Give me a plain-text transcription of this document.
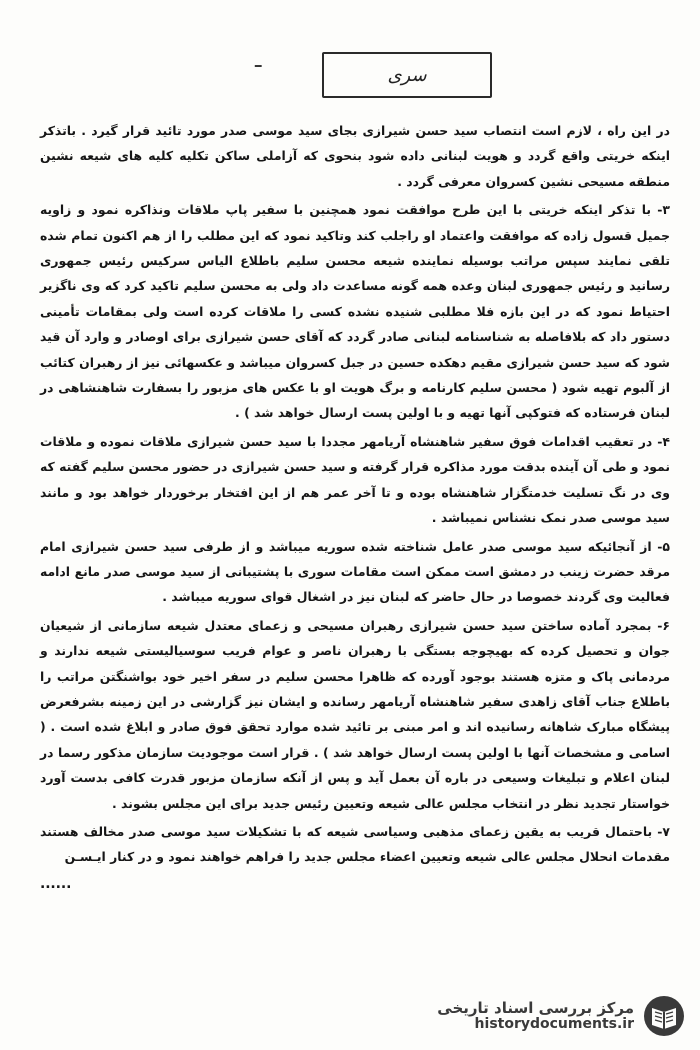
ـ
سری

در این راه ، لازم است انتصاب سید حسن شیرازی بجای سید موسی صدر مورد تائید قرار گیرد . باتذکر اینکه خریتی واقع گردد و هویت لبنانی داده شود بنحوی که آزاملی ساکن تکلیه کلیه های شیعه نشین منطقه مسیحی نشین کسروان معرفی گردد .

۳- با تذکر اینکه خریتی با این طرح موافقت نمود همچنین با سفیر پاپ ملاقات ونذاکره نمود و زاویه جمیل قسول زاده که موافقت واعتماد او راجلب کند وتاکید نمود که این مطلب را از هم اکنون تمام شده تلقی نمایند سپس مراتب بوسیله نماینده شیعه محسن سلیم باطلاع الیاس سرکیس رئیس جمهوری رسانید و رئیس جمهوری لبنان وعده همه گونه مساعدت داد ولی به محسن سلیم تاکید کرد که وی ناگزیر احتیاط نمود که در این بازه فلا مطلبی شنیده نشده کسی را ملاقات کرده است ولی بمقامات تأمینی دستور داد که بلافاصله به شناسنامه لبنانی صادر گردد که آقای حسن شیرازی برای اوصادر و وارد آن قید شود که سید حسن شیرازی مقیم دهکده حسین در جبل کسروان میباشد و عکسهائی نیز از رهبران کتائب از آلبوم تهیه شود ( محسن سلیم کارنامه و برگ هویت او با عکس های مزبور را بسفارت شاهنشاهی در لبنان فرستاده که فتوکپی آنها تهیه و با اولین پست ارسال خواهد شد ) .

۴- در تعقیب اقدامات فوق سفیر شاهنشاه آریامهر مجددا با سید حسن شیرازی ملاقات نموده و ملاقات نمود و طی آن آینده بدقت مورد مذاکره قرار گرفته و سید حسن شیرازی در حضور محسن سلیم گفته که وی در نگ تسلیت خدمتگزار شاهنشاه بوده و تا آخر عمر هم از این افتخار برخوردار خواهد بود و مانند سید موسی صدر نمک نشناس نمیباشد .

۵- از آنجائیکه سید موسی صدر عامل شناخته شده سوریه میباشد و از طرفی سید حسن شیرازی امام مرقد حضرت زینب در دمشق است ممکن است مقامات سوری با پشتیبانی از سید موسی صدر مانع ادامه فعالیت وی گردند خصوصا در حال حاضر که لبنان نیز در اشغال قوای سوریه میباشد .

۶- بمجرد آماده ساختن سید حسن شیرازی رهبران مسیحی و زعمای معتدل شیعه سازمانی از شیعیان جوان و تحصیل کرده که بهیچوجه بستگی با رهبران ناصر و عوام فریب سوسیالیستی شیعه ندارند و مردمانی پاک و متزه هستند بوجود آورده که ظاهرا محسن سلیم در سفر اخیر خود بواشنگتن مراتب را باطلاع جناب آقای زاهدی سفیر شاهنشاه آریامهر رسانده و ایشان نیز گزارشی در این زمینه بشرفعرض پیشگاه مبارک شاهانه رسانیده اند و امر مبنی بر تائید شده موارد تحقق فوق صادر و ابلاغ شده است . ( اسامی و مشخصات آنها با اولین پست ارسال خواهد شد ) . قرار است موجودیت سازمان مذکور رسما در لبنان اعلام و تبلیغات وسیعی در باره آن بعمل آید و پس از آنکه سازمان مزبور قدرت کافی بدست آورد خواستار تجدید نظر در انتخاب مجلس عالی شیعه وتعیین رئیس جدید برای این مجلس بشوند .

۷- باحتمال قریب به یقین زعمای مذهبی وسیاسی شیعه که با تشکیلات سید موسی صدر مخالف هستند مقدمات انحلال مجلس عالی شیعه وتعیین اعضاء مجلس جدید را فراهم خواهند نمود و در کنار ایـسـن

......
مرکز بررسی اسناد تاریخی
historydocuments.ir
